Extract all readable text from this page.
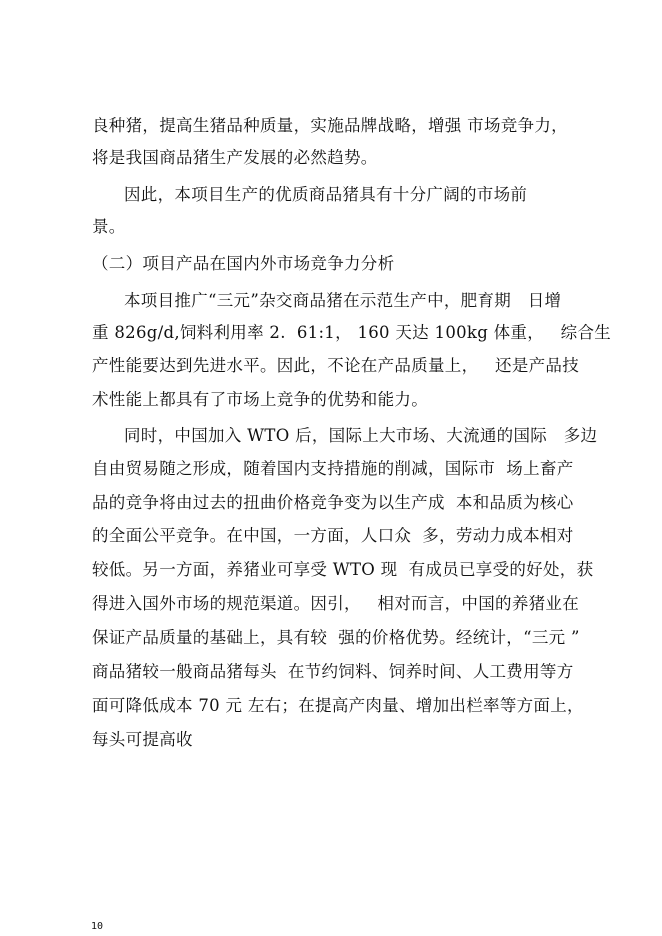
良种猪，提高生猪品种质量，实施品牌战略，增强 市场竞争力，

将是我国商品猪生产发展的必然趋势。

因此，本项目生产的优质商品猪具有十分广阔的市场前

景。

（二）项目产品在国内外市场竞争力分析

本项目推广“三元”杂交商品猪在示范生产中，肥育期   日增

重 826g/d,饲料利用率 2.  61:1， 160 天达 100kg 体重，   综合生

产性能要达到先进水平。因此，不论在产品质量上，   还是产品技

术性能上都具有了市场上竞争的优势和能力。

同时，中国加入 WTO 后，国际上大市场、大流通的国际   多边

自由贸易随之形成，随着国内支持措施的削减，国际市  场上畜产

品的竞争将由过去的扭曲价格竞争变为以生产成  本和品质为核心

的全面公平竞争。在中国，一方面，人口众  多，劳动力成本相对

较低。另一方面，养猪业可享受 WTO 现  有成员已享受的好处，获

得进入国外市场的规范渠道。因引，   相对而言，中国的养猪业在

保证产品质量的基础上，具有较  强的价格优势。经统计，“三元 ”

商品猪较一般商品猪每头  在节约饲料、饲养时间、人工费用等方

面可降低成本 70 元 左右；在提高产肉量、增加出栏率等方面上，

每头可提高收

10
